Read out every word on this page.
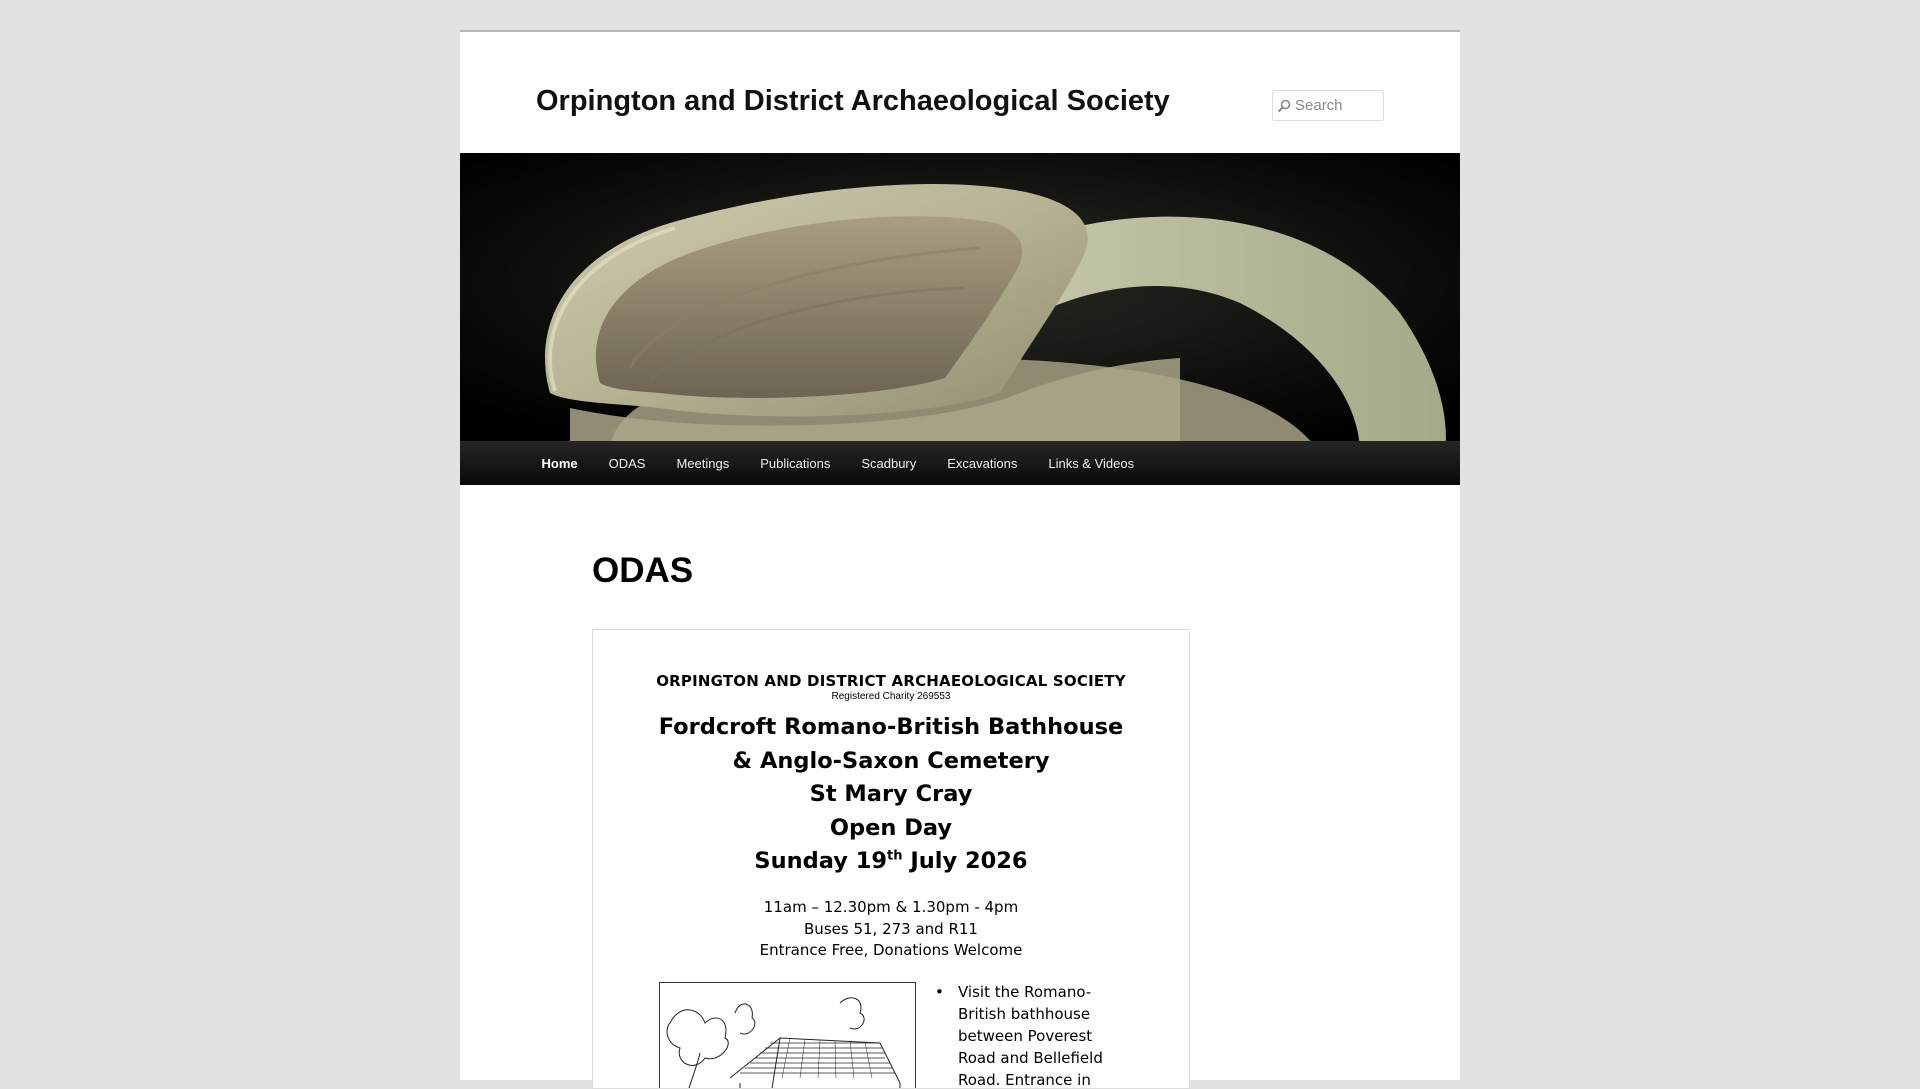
Orpington and District Archaeological Society
Search
Home ODAS Meetings Publications Scadbury Excavations Links & Videos
ODAS
ORPINGTON AND DISTRICT ARCHAEOLOGICAL SOCIETY
Registered Charity 269553
Fordcroft Romano-British Bathhouse
& Anglo-Saxon Cemetery
St Mary Cray
Open Day
Sunday 19th July 2026
11am – 12.30pm & 1.30pm - 4pm
Buses 51, 273 and R11
Entrance Free, Donations Welcome
• Visit the Romano-British bathhouse between Poverest Road and Bellefield Road. Entrance in
